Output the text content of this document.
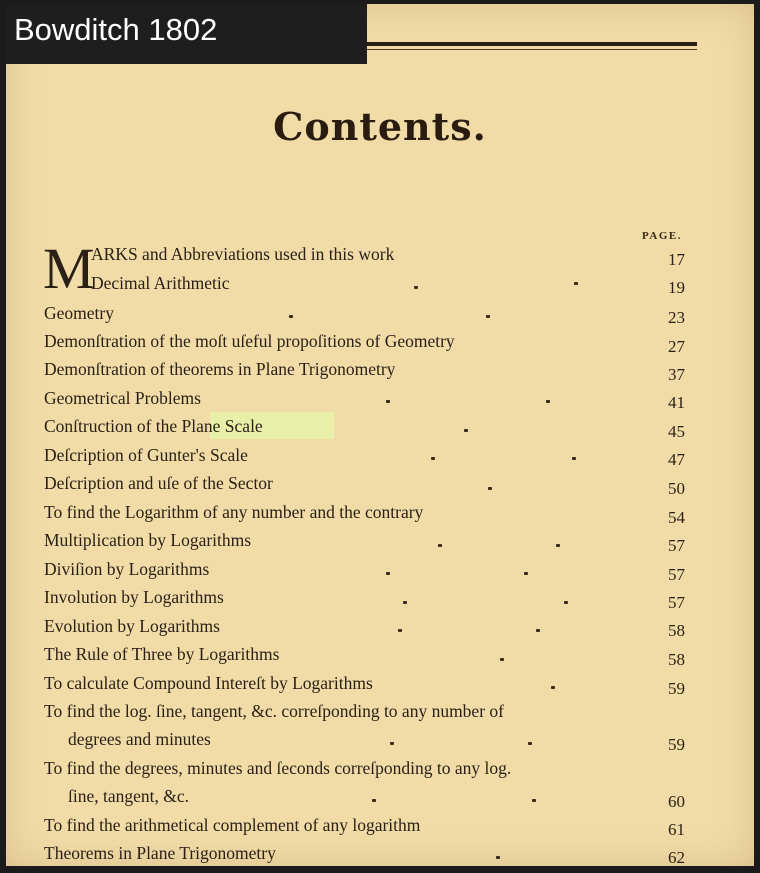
Bowditch 1802
Contents.
PAGE.
M
ARKS and Abbreviations used in this work	17
Decimal Arithmetic	19
Geometry	23
Demonſtration of the moſt uſeful propoſitions of Geometry	27
Demonſtration of theorems in Plane Trigonometry	37
Geometrical Problems	41
Conſtruction of the Plane Scale	45
Deſcription of Gunter's Scale	47
Deſcription and uſe of the Sector	50
To find the Logarithm of any number and the contrary	54
Multiplication by Logarithms	57
Diviſion by Logarithms	57
Involution by Logarithms	57
Evolution by Logarithms	58
The Rule of Three by Logarithms	58
To calculate Compound Intereſt by Logarithms	59
To find the log. ſine, tangent, &c. correſponding to any number of
degrees and minutes	59
To find the degrees, minutes and ſeconds correſponding to any log.
ſine, tangent, &c.	60
To find the arithmetical complement of any logarithm	61
Theorems in Plane Trigonometry	62
